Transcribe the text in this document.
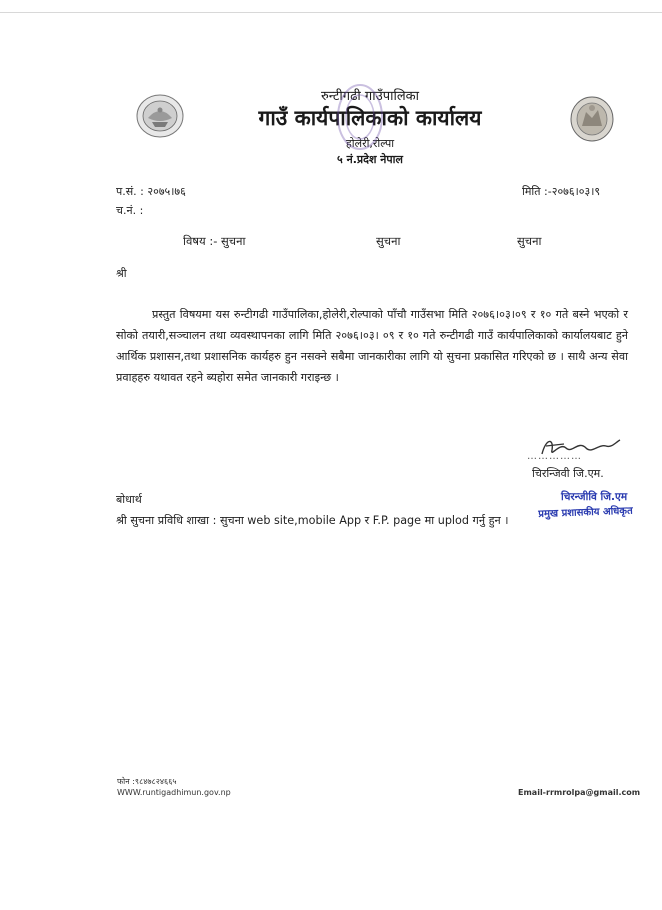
रुन्टीगढी गाउँपालिका
गाउँ कार्यपालिकाको कार्यालय
होलेरी,रोल्पा
५ नं.प्रदेश नेपाल
प.सं. : २०७५।७६
च.नं. :
मिति :-२०७६।०३।९
विषय :- सुचना	सुचना	सुचना
श्री
प्रस्तुत विषयमा यस रुन्टीगढी गाउँपालिका,होलेरी,रोल्पाको पाँचौ गाउँसभा मिति २०७६।०३।०९ र १० गते बस्ने भएको र सोको तयारी,सञ्चालन तथा व्यवस्थापनका लागि मिति २०७६।०३। ०९ र १० गते रुन्टीगढी गाउँ कार्यपालिकाको कार्यालयबाट हुने आर्थिक प्रशासन,तथा प्रशासनिक कार्यहरु हुन नसक्ने सबैमा जानकारीका लागि यो सुचना प्रकासित गरिएको छ । साथै अन्य सेवा प्रवाहहरु यथावत रहने ब्यहोरा समेत जानकारी गराइन्छ ।
……………
चिरन्जिवी जि.एम.
चिरन्जीवि जि.एम
प्रमुख प्रशासकीय अधिकृत
बोधार्थ
श्री सुचना प्रविधि शाखा : सुचना web site,mobile App र F.P. page मा uplod गर्नु हुन ।
फोन :९८४७८२४६६५
WWW.runtigadhimun.gov.np	Email-rrmrolpa@gmail.com
